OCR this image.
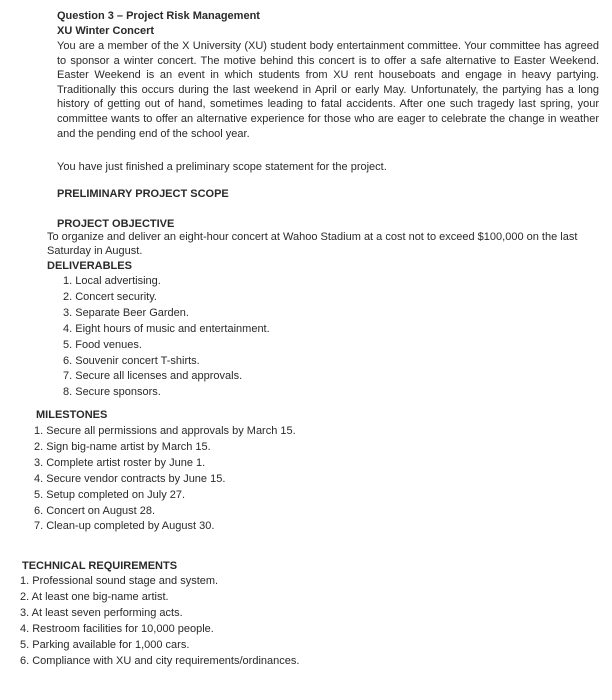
Question 3 – Project Risk Management
XU Winter Concert
You are a member of the X University (XU) student body entertainment committee. Your committee has agreed to sponsor a winter concert. The motive behind this concert is to offer a safe alternative to Easter Weekend. Easter Weekend is an event in which students from XU rent houseboats and engage in heavy partying. Traditionally this occurs during the last weekend in April or early May. Unfortunately, the partying has a long history of getting out of hand, sometimes leading to fatal accidents. After one such tragedy last spring, your committee wants to offer an alternative experience for those who are eager to celebrate the change in weather and the pending end of the school year.
You have just finished a preliminary scope statement for the project.
PRELIMINARY PROJECT SCOPE
PROJECT OBJECTIVE
To organize and deliver an eight-hour concert at Wahoo Stadium at a cost not to exceed $100,000 on the last Saturday in August.
DELIVERABLES
1. Local advertising.
2. Concert security.
3. Separate Beer Garden.
4. Eight hours of music and entertainment.
5. Food venues.
6. Souvenir concert T-shirts.
7. Secure all licenses and approvals.
8. Secure sponsors.
MILESTONES
1. Secure all permissions and approvals by March 15.
2. Sign big-name artist by March 15.
3. Complete artist roster by June 1.
4. Secure vendor contracts by June 15.
5. Setup completed on July 27.
6. Concert on August 28.
7. Clean-up completed by August 30.
TECHNICAL REQUIREMENTS
1. Professional sound stage and system.
2. At least one big-name artist.
3. At least seven performing acts.
4. Restroom facilities for 10,000 people.
5. Parking available for 1,000 cars.
6. Compliance with XU and city requirements/ordinances.
